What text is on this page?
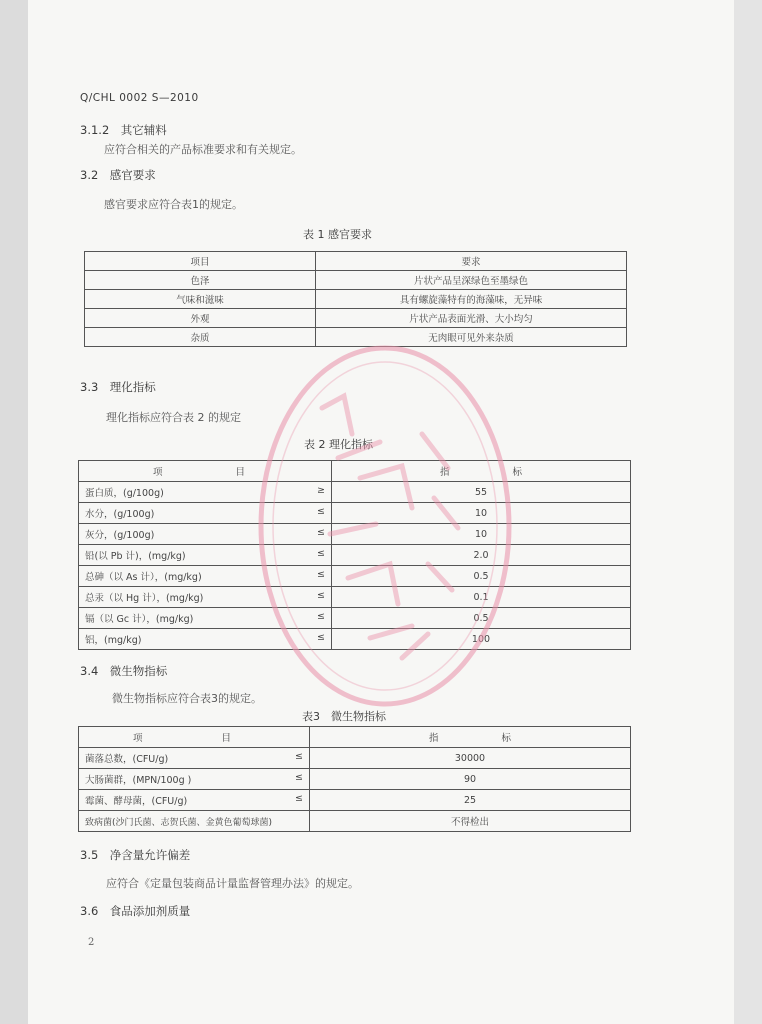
Q/CHL 0002 S—2010
3.1.2　其它辅料
应符合相关的产品标准要求和有关规定。
3.2　感官要求
感官要求应符合表1的规定。
表 1 感官要求
项目	要求
色泽	片状产品呈深绿色至墨绿色
气味和滋味	具有螺旋藻特有的海藻味，无异味
外观	片状产品表面光滑、大小均匀
杂质	无肉眼可见外来杂质
3.3　理化指标
理化指标应符合表 2 的规定
表 2 理化指标
项 目	指 标
蛋白质，(g/100g) ≥	55
水分，(g/100g) ≤	10
灰分，(g/100g) ≤	10
铅(以 Pb 计)，(mg/kg) ≤	2.0
总砷（以 As 计），(mg/kg) ≤	0.5
总汞（以 Hg 计），(mg/kg) ≤	0.1
镉（以 Gc 计），(mg/kg) ≤	0.5
铝，(mg/kg) ≤	100
3.4　微生物指标
微生物指标应符合表3的规定。
表3　微生物指标
项 目	指 标
菌落总数，(CFU/g) ≤	30000
大肠菌群，(MPN/100g ) ≤	90
霉菌、酵母菌，(CFU/g) ≤	25
致病菌(沙门氏菌、志贺氏菌、金黄色葡萄球菌)	不得检出
3.5　净含量允许偏差
应符合《定量包装商品计量监督管理办法》的规定。
3.6　食品添加剂质量
2
